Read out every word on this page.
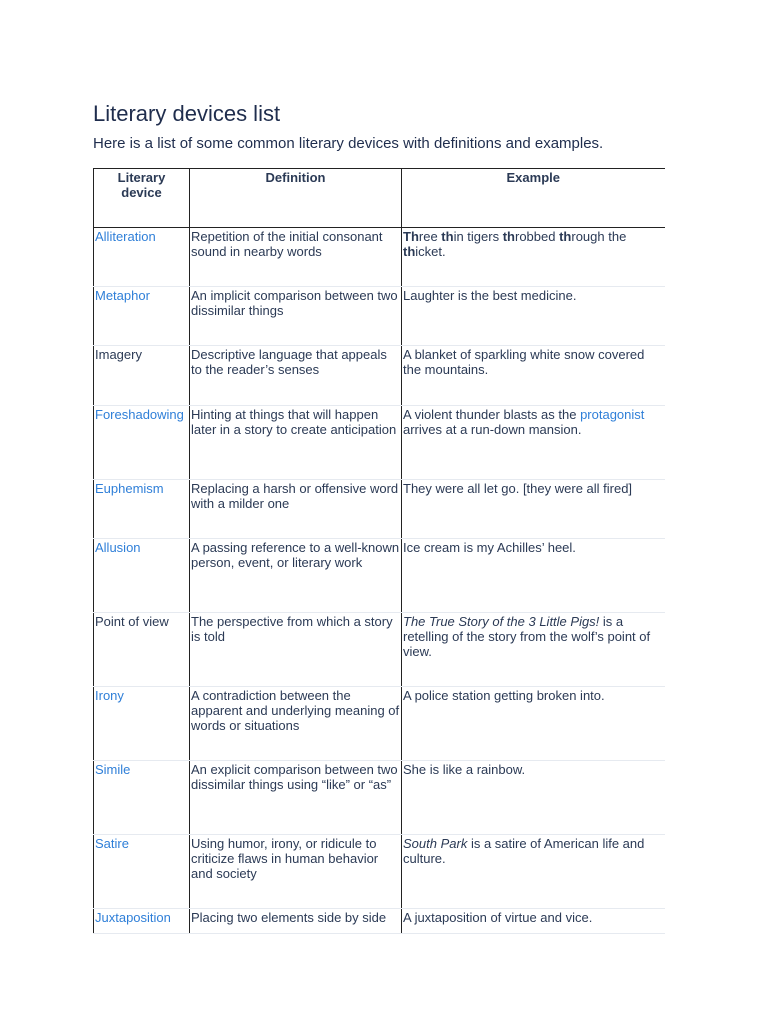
Literary devices list

Here is a list of some common literary devices with definitions and examples.

Literary device	Definition	Example

Alliteration	Repetition of the initial consonant sound in nearby words	Three thin tigers throbbed through the thicket.

Metaphor	An implicit comparison between two dissimilar things	Laughter is the best medicine.

Imagery	Descriptive language that appeals to the reader’s senses	A blanket of sparkling white snow covered the mountains.

Foreshadowing	Hinting at things that will happen later in a story to create anticipation	A violent thunder blasts as the protagonist arrives at a run-down mansion.

Euphemism	Replacing a harsh or offensive word with a milder one	They were all let go. [they were all fired]

Allusion	A passing reference to a well-known person, event, or literary work	Ice cream is my Achilles’ heel.

Point of view	The perspective from which a story is told	The True Story of the 3 Little Pigs! is a retelling of the story from the wolf’s point of view.

Irony	A contradiction between the apparent and underlying meaning of words or situations	A police station getting broken into.

Simile	An explicit comparison between two dissimilar things using “like” or “as”	She is like a rainbow.

Satire	Using humor, irony, or ridicule to criticize flaws in human behavior and society	South Park is a satire of American life and culture.

Juxtaposition	Placing two elements side by side	A juxtaposition of virtue and vice.
